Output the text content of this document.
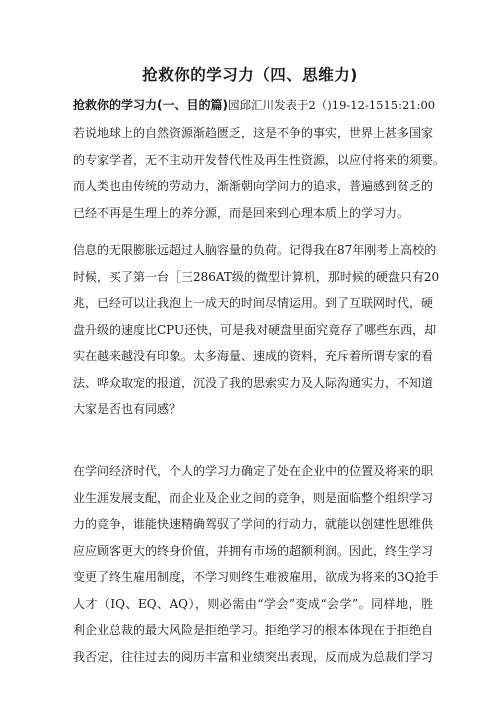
抢救你的学习力（四、思维力)
抢救你的学习力(一、目的篇)园邱汇川发表于2（)19-12-1515:21:00
若说地球上的自然资源渐趋匮乏，这是不争的事实，世界上甚多国家
的专家学者，无不主动开发替代性及再生性资源，以应付将来的须要。
而人类也由传统的劳动力，渐渐朝向学问力的追求，普遍感到贫乏的
已经不再是生理上的养分源，而是回来到心理本质上的学习力。
信息的无限膨胀远超过人脑容量的负荷。记得我在87年刚考上高校的
时候，买了第一台［三286AT级的微型计算机，那时候的硬盘只有20
兆，已经可以让我泡上一成天的时间尽情运用。到了互联网时代，硬
盘升级的速度比CPU还快，可是我对硬盘里面究竟存了哪些东西，却
实在越来越没有印象。太多海量、速成的资料，充斥着所谓专家的看
法、哗众取宠的报道，沉没了我的思索实力及人际沟通实力，不知道
大家是否也有同感？
在学问经济时代，个人的学习力确定了处在企业中的位置及将来的职
业生涯发展支配，而企业及企业之间的竞争，则是面临整个组织学习
力的竞争，谁能快速精确驾驭了学问的行动力，就能以创建性思维供
应应顾客更大的终身价值，并拥有市场的超额利润。因此，终生学习
变更了终生雇用制度，不学习则终生难被雇用，欲成为将来的3Q抢手
人才（IQ、EQ、AQ），则必需由“学会”变成“会学”。同样地，胜
利企业总裁的最大风险是拒绝学习。拒绝学习的根本体现在于拒绝自
我否定，往往过去的阅历丰富和业绩突出表现，反而成为总裁们学习
